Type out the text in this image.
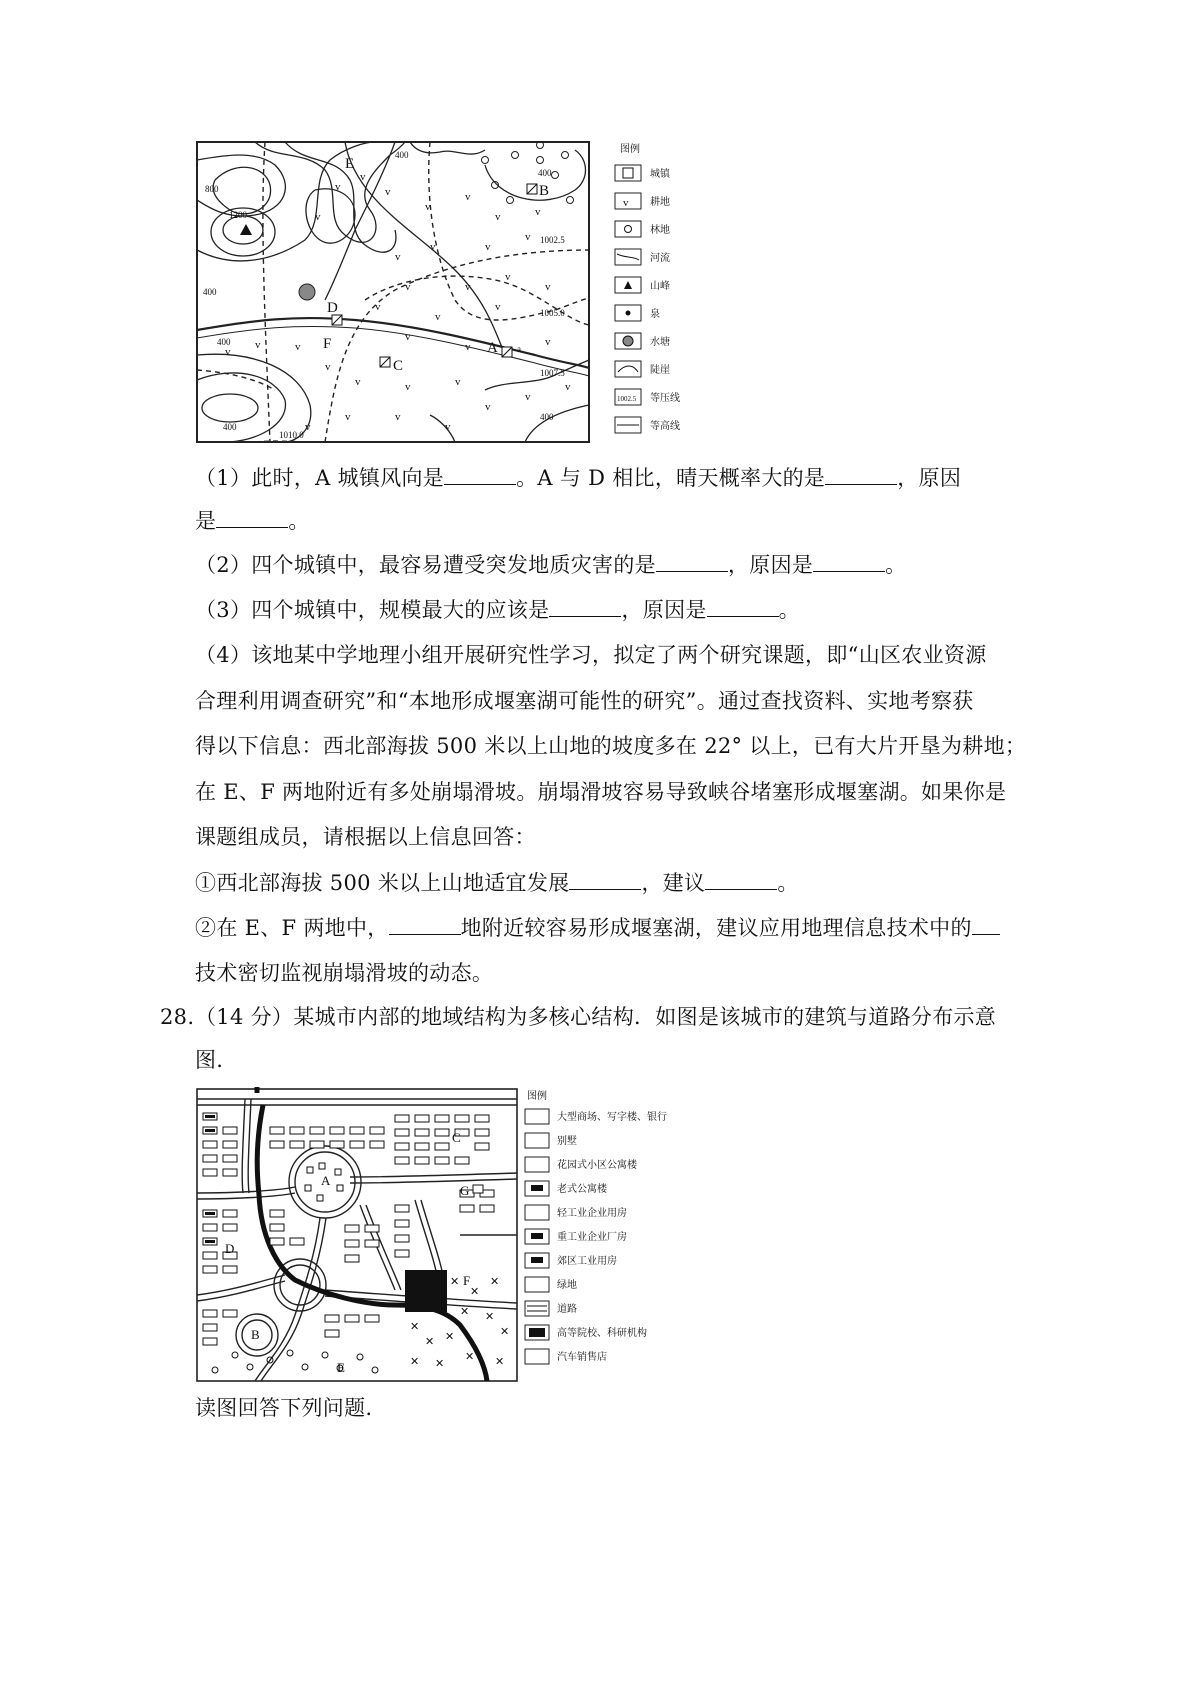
v
v
v
v
v
v
v	v
v	v
v
v
v	v
v
v
v
v
v
v
v	v
v
v	v	v
v	v
v
v
v
v
v
v
v	v
E
B
D
F	A
C
a
400
800
1200
400
400
400
400
400
1002.5
1005.0
1007.5
1010.0
图例
v
1002.5
城镇
耕地
林地
河流
山峰
泉
水塘
陡崖
等压线
等高线
（1）此时，A 城镇风向是	。A 与 D 相比，晴天概率大的是	，原因
是	。
（2）四个城镇中，最容易遭受突发地质灾害的是	，原因是	。
（3）四个城镇中，规模最大的应该是	，原因是	。
（4）该地某中学地理小组开展研究性学习，拟定了两个研究课题，即“山区农业资源
合理利用调查研究”和“本地形成堰塞湖可能性的研究”。通过查找资料、实地考察获
得以下信息：西北部海拔 500 米以上山地的坡度多在 22° 以上，已有大片开垦为耕地；
在 E、F 两地附近有多处崩塌滑坡。崩塌滑坡容易导致峡谷堵塞形成堰塞湖。如果你是
课题组成员，请根据以上信息回答：
①西北部海拔 500 米以上山地适宜发展	，建议	。
②在 E、F 两地中，	地附近较容易形成堰塞湖，建议应用地理信息技术中的
技术密切监视崩塌滑坡的动态。
28. （14 分）某城市内部的地域结构为多核心结构．如图是该城市的建筑与道路分布示意
图.
✕
✕
✕
✕ ✕
✕
✕
✕ ✕
✕ ✕
✕ ✕
A
B
C
D
E
F
G
图例
大型商场、写字楼、银行
别墅
花园式小区公寓楼
老式公寓楼
轻工业企业用房
重工业企业厂房
郊区工业用房
绿地
道路
高等院校、科研机构
汽车销售店
读图回答下列问题.
